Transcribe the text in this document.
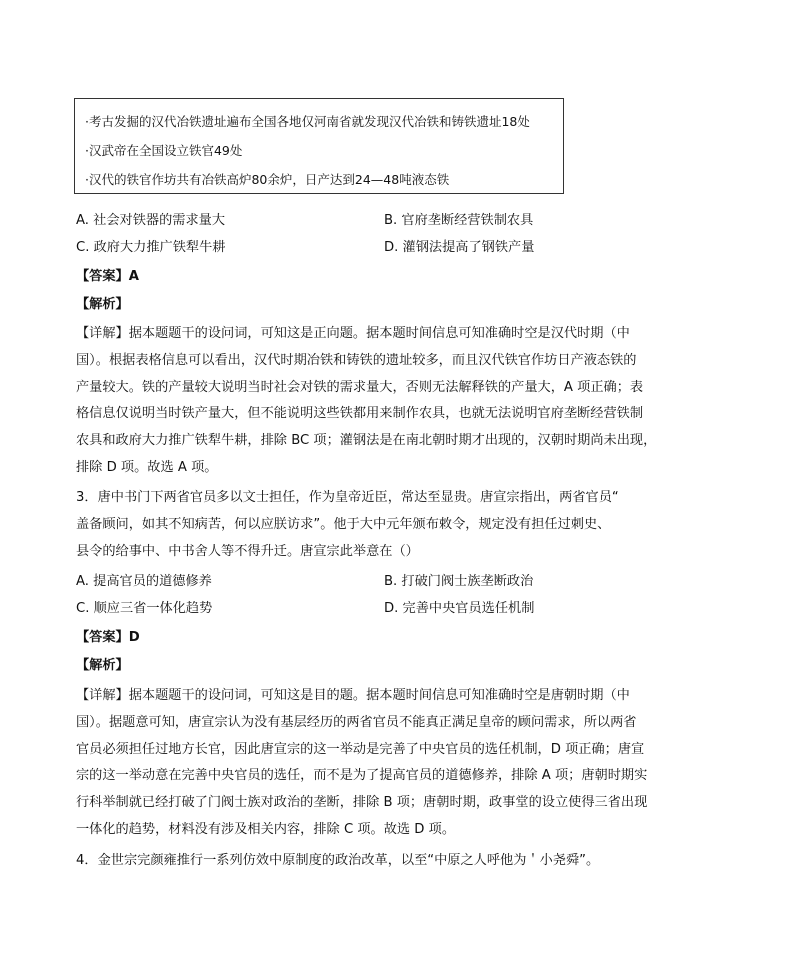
·考古发掘的汉代冶铁遗址遍布全国各地仅河南省就发现汉代冶铁和铸铁遗址18处
·汉武帝在全国设立铁官49处
·汉代的铁官作坊共有冶铁高炉80余炉，日产达到24—48吨液态铁
A. 社会对铁器的需求量大	B. 官府垄断经营铁制农具
C. 政府大力推广铁犁牛耕	D. 灌钢法提高了钢铁产量
【答案】A
【解析】
【详解】据本题题干的设问词，可知这是正向题。据本题时间信息可知准确时空是汉代时期（中
国）。根据表格信息可以看出，汉代时期冶铁和铸铁的遗址较多，而且汉代铁官作坊日产液态铁的
产量较大。铁的产量较大说明当时社会对铁的需求量大，否则无法解释铁的产量大，A 项正确；表
格信息仅说明当时铁产量大，但不能说明这些铁都用来制作农具，也就无法说明官府垄断经营铁制
农具和政府大力推广铁犁牛耕，排除 BC 项；灌钢法是在南北朝时期才出现的，汉朝时期尚未出现，
排除 D 项。故选 A 项。
3．唐中书门下两省官员多以文士担任，作为皇帝近臣，常达至显贵。唐宣宗指出，两省官员“
盖备顾问，如其不知病苦，何以应朕访求”。他于大中元年颁布敕令，规定没有担任过刺史、
县令的给事中、中书舍人等不得升迁。唐宣宗此举意在（）
A. 提高官员的道德修养	B. 打破门阀士族垄断政治
C. 顺应三省一体化趋势	D. 完善中央官员选任机制
【答案】D
【解析】
【详解】据本题题干的设问词，可知这是目的题。据本题时间信息可知准确时空是唐朝时期（中
国）。据题意可知，唐宣宗认为没有基层经历的两省官员不能真正满足皇帝的顾问需求，所以两省
官员必须担任过地方长官，因此唐宣宗的这一举动是完善了中央官员的选任机制，D 项正确；唐宣
宗的这一举动意在完善中央官员的选任，而不是为了提高官员的道德修养，排除 A 项；唐朝时期实
行科举制就已经打破了门阀士族对政治的垄断，排除 B 项；唐朝时期，政事堂的设立使得三省出现
一体化的趋势，材料没有涉及相关内容，排除 C 项。故选 D 项。
4．金世宗完颜雍推行一系列仿效中原制度的政治改革，以至“中原之人呼他为＇小尧舜”。
